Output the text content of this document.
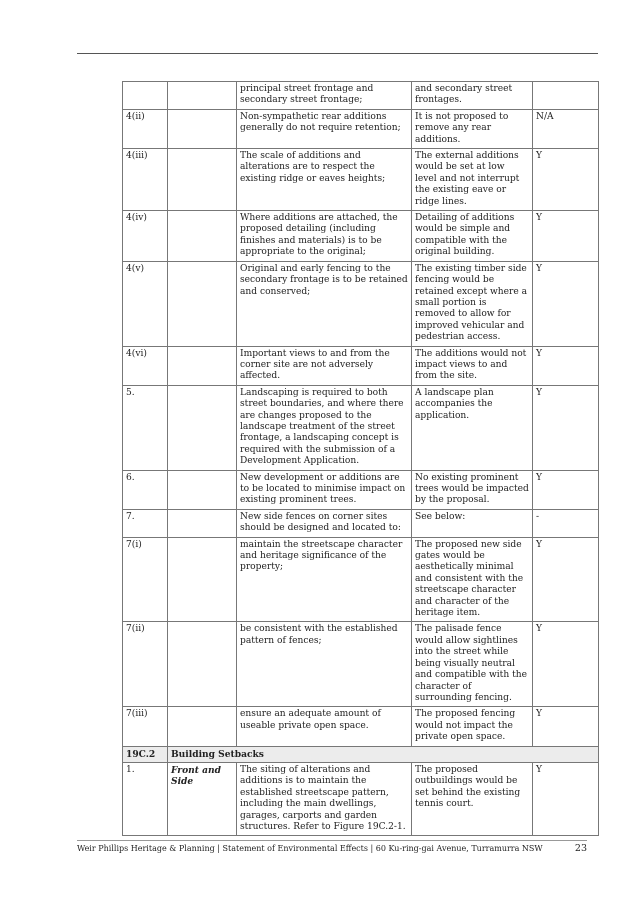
		principal street frontage and secondary street frontage;	and secondary street frontages.	
4(ii)		Non-sympathetic rear additions generally do not require retention;	It is not proposed to remove any rear additions.	N/A
4(iii)		The scale of additions and alterations are to respect the existing ridge or eaves heights;	The external additions would be set at low level and not interrupt the existing eave or ridge lines.	Y
4(iv)		Where additions are attached, the proposed detailing (including finishes and materials) is to be appropriate to the original;	Detailing of additions would be simple and compatible with the original building.	Y
4(v)		Original and early fencing to the secondary frontage is to be retained and conserved;	The existing timber side fencing would be retained except where a small portion is removed to allow for improved vehicular and pedestrian access.	Y
4(vi)		Important views to and from the corner site are not adversely affected.	The additions would not impact views to and from the site.	Y
5.		Landscaping is required to both street boundaries, and where there are changes proposed to the landscape treatment of the street frontage, a landscaping concept is required with the submission of a Development Application.	A landscape plan accompanies the application.	Y
6.		New development or additions are to be located to minimise impact on existing prominent trees.	No existing prominent trees would be impacted by the proposal.	Y
7.		New side fences on corner sites should be designed and located to:	See below:	-
7(i)		maintain the streetscape character and heritage significance of the property;	The proposed new side gates would be aesthetically minimal and consistent with the streetscape character and character of the heritage item.	Y
7(ii)		be consistent with the established pattern of fences;	The palisade fence would allow sightlines into the street while being visually neutral and compatible with the character of surrounding fencing.	Y
7(iii)		ensure an adequate amount of useable private open space.	The proposed fencing would not impact the private open space.	Y
19C.2	Building Setbacks			
1.	Front and Side	The siting of alterations and additions is to maintain the established streetscape pattern, including the main dwellings, garages, carports and garden structures. Refer to Figure 19C.2-1.	The proposed outbuildings would be set behind the existing tennis court.	Y
Weir Phillips Heritage & Planning | Statement of Environmental Effects | 60 Ku-ring-gai Avenue, Turramurra NSW	23
